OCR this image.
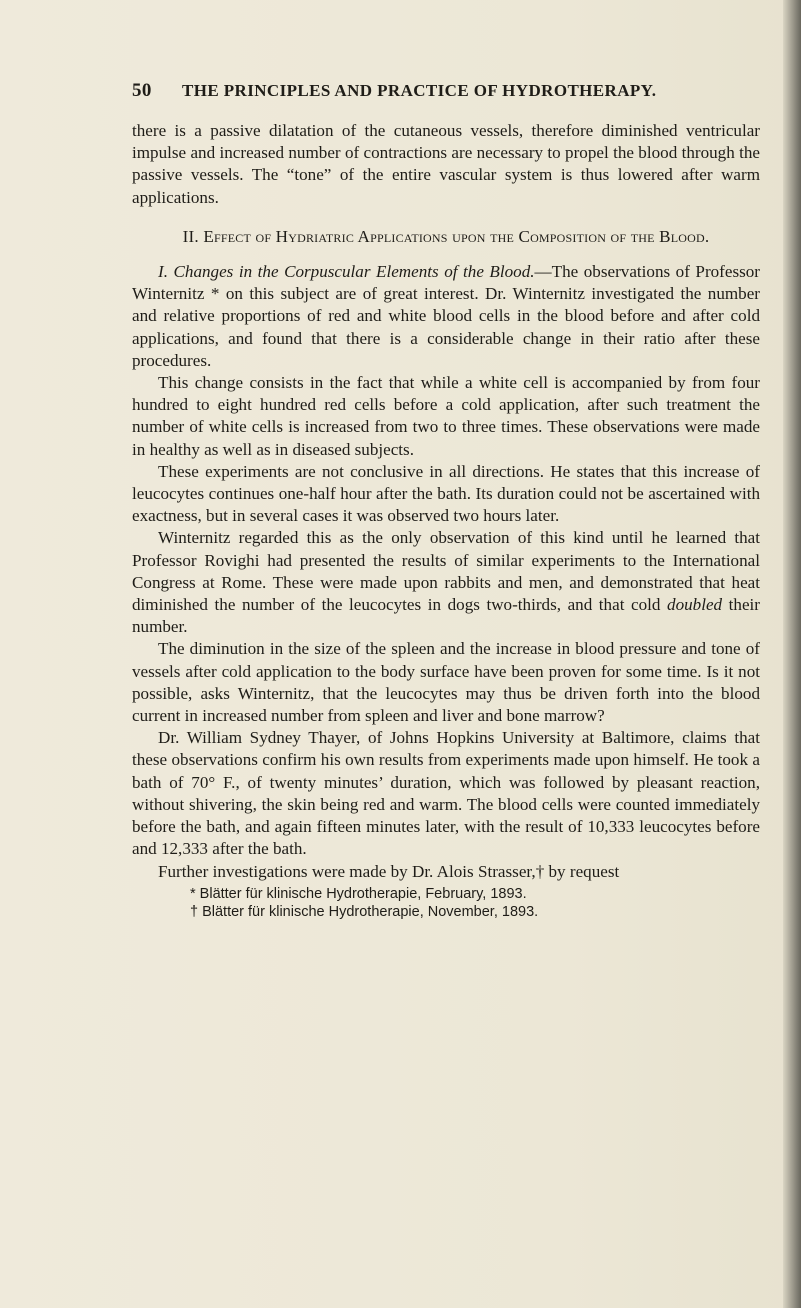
50 THE PRINCIPLES AND PRACTICE OF HYDROTHERAPY.

there is a passive dilatation of the cutaneous vessels, therefore diminished ventricular impulse and increased number of contractions are necessary to propel the blood through the passive vessels. The “tone” of the entire vascular system is thus lowered after warm applications.

II. Effect of Hydriatric Applications upon the Composition of the Blood.

I. Changes in the Corpuscular Elements of the Blood.—The observations of Professor Winternitz * on this subject are of great interest. Dr. Winternitz investigated the number and relative proportions of red and white blood cells in the blood before and after cold applications, and found that there is a considerable change in their ratio after these procedures.

This change consists in the fact that while a white cell is accompanied by from four hundred to eight hundred red cells before a cold application, after such treatment the number of white cells is increased from two to three times. These observations were made in healthy as well as in diseased subjects.

These experiments are not conclusive in all directions. He states that this increase of leucocytes continues one-half hour after the bath. Its duration could not be ascertained with exactness, but in several cases it was observed two hours later.

Winternitz regarded this as the only observation of this kind until he learned that Professor Rovighi had presented the results of similar experiments to the International Congress at Rome. These were made upon rabbits and men, and demonstrated that heat diminished the number of the leucocytes in dogs two-thirds, and that cold doubled their number.

The diminution in the size of the spleen and the increase in blood pressure and tone of vessels after cold application to the body surface have been proven for some time. Is it not possible, asks Winternitz, that the leucocytes may thus be driven forth into the blood current in increased number from spleen and liver and bone marrow?

Dr. William Sydney Thayer, of Johns Hopkins University at Baltimore, claims that these observations confirm his own results from experiments made upon himself. He took a bath of 70° F., of twenty minutes’ duration, which was followed by pleasant reaction, without shivering, the skin being red and warm. The blood cells were counted immediately before the bath, and again fifteen minutes later, with the result of 10,333 leucocytes before and 12,333 after the bath.

Further investigations were made by Dr. Alois Strasser,† by request

* Blätter für klinische Hydrotherapie, February, 1893.
† Blätter für klinische Hydrotherapie, November, 1893.
